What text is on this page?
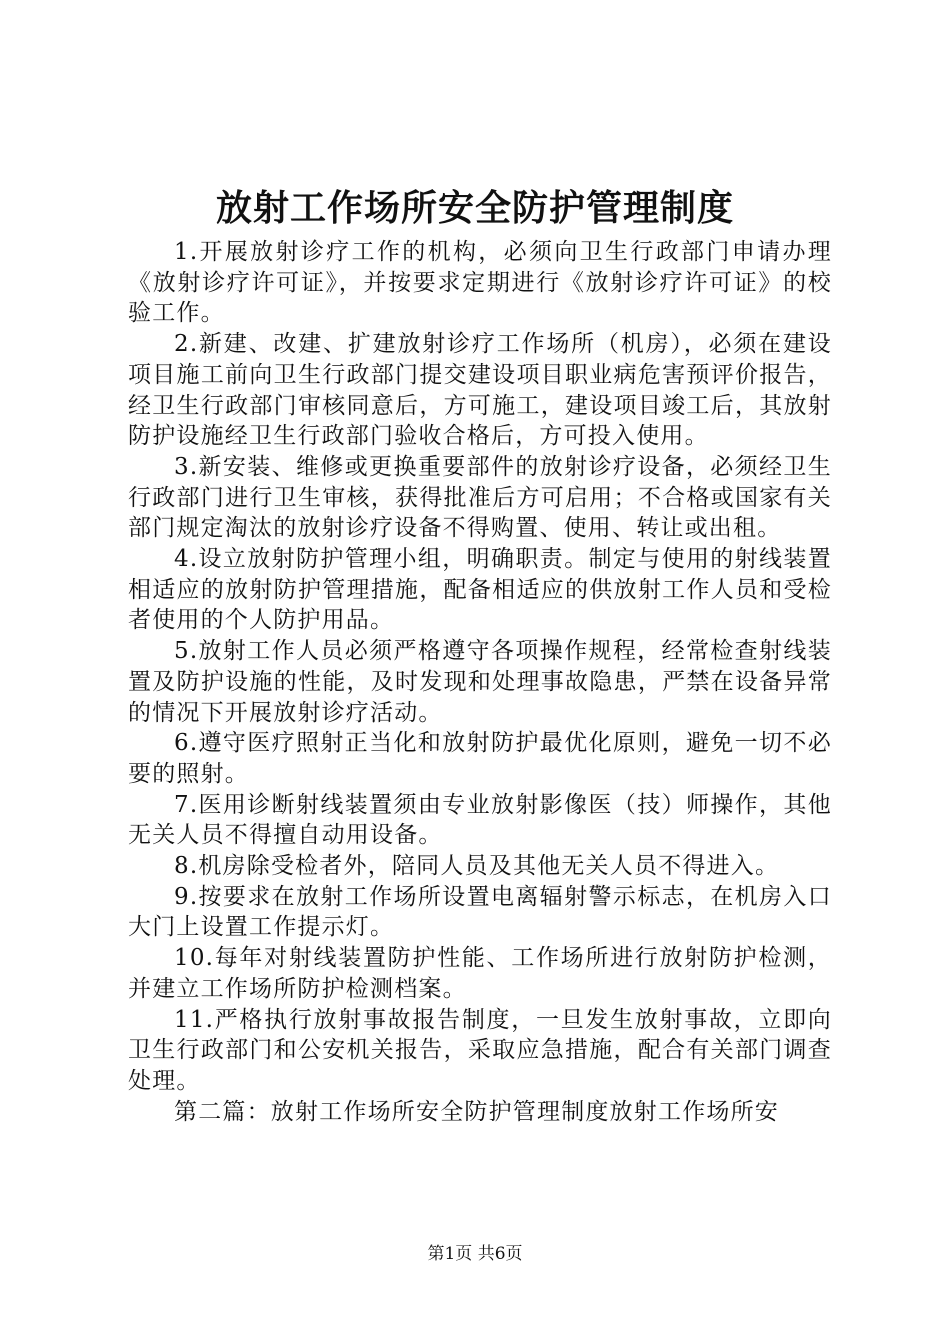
放射工作场所安全防护管理制度

1.开展放射诊疗工作的机构，必须向卫生行政部门申请办理《放射诊疗许可证》，并按要求定期进行《放射诊疗许可证》的校验工作。

2.新建、改建、扩建放射诊疗工作场所（机房），必须在建设项目施工前向卫生行政部门提交建设项目职业病危害预评价报告，经卫生行政部门审核同意后，方可施工，建设项目竣工后，其放射防护设施经卫生行政部门验收合格后，方可投入使用。

3.新安装、维修或更换重要部件的放射诊疗设备，必须经卫生行政部门进行卫生审核，获得批准后方可启用；不合格或国家有关部门规定淘汰的放射诊疗设备不得购置、使用、转让或出租。

4.设立放射防护管理小组，明确职责。制定与使用的射线装置相适应的放射防护管理措施，配备相适应的供放射工作人员和受检者使用的个人防护用品。

5.放射工作人员必须严格遵守各项操作规程，经常检查射线装置及防护设施的性能，及时发现和处理事故隐患，严禁在设备异常的情况下开展放射诊疗活动。

6.遵守医疗照射正当化和放射防护最优化原则，避免一切不必要的照射。

7.医用诊断射线装置须由专业放射影像医（技）师操作，其他无关人员不得擅自动用设备。

8.机房除受检者外，陪同人员及其他无关人员不得进入。

9.按要求在放射工作场所设置电离辐射警示标志，在机房入口大门上设置工作提示灯。

10.每年对射线装置防护性能、工作场所进行放射防护检测，并建立工作场所防护检测档案。

11.严格执行放射事故报告制度，一旦发生放射事故，立即向卫生行政部门和公安机关报告，采取应急措施，配合有关部门调查处理。

第二篇：放射工作场所安全防护管理制度放射工作场所安

第1页 共6页
